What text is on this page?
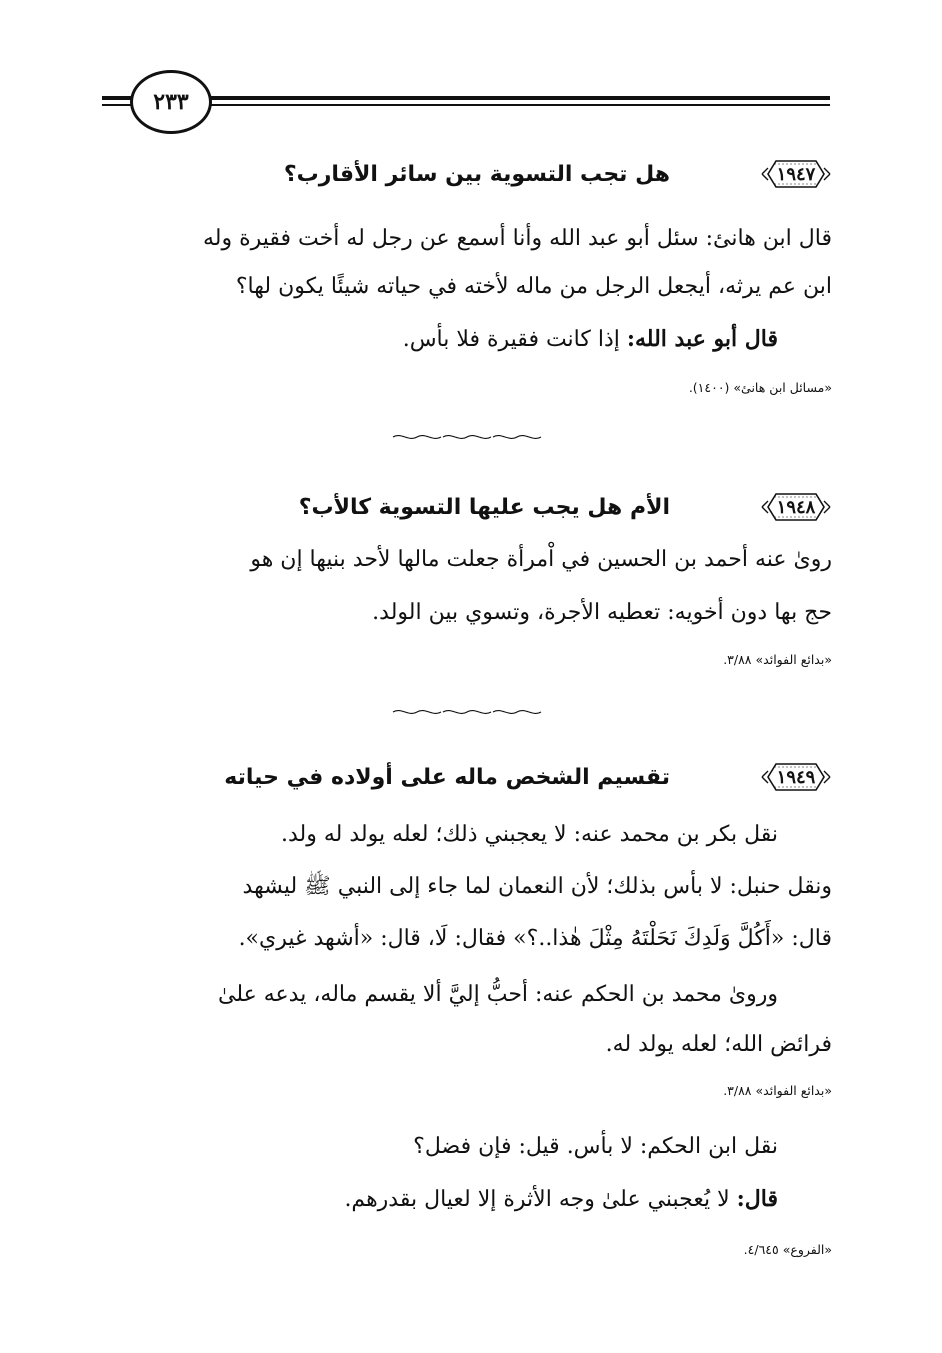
٢٣٣
١٩٤٧
هل تجب التسوية بين سائر الأقارب؟
قال ابن هانئ: سئل أبو عبد الله وأنا أسمع عن رجل له أخت فقيرة وله
ابن عم يرثه، أيجعل الرجل من ماله لأخته في حياته شيئًا يكون لها؟
قال أبو عبد الله: إذا كانت فقيرة فلا بأس.
«مسائل ابن هانئ» (١٤٠٠).
١٩٤٨
الأم هل يجب عليها التسوية كالأب؟
روىٰ عنه أحمد بن الحسين في اْمرأة جعلت مالها لأحد بنيها إن هو
حج بها دون أخويه: تعطيه الأجرة، وتسوي بين الولد.
«بدائع الفوائد» ٣/٨٨.
١٩٤٩
تقسيم الشخص ماله على أولاده في حياته
نقل بكر بن محمد عنه: لا يعجبني ذلك؛ لعله يولد له ولد.
ونقل حنبل: لا بأس بذلك؛ لأن النعمان لما جاء إلى النبي ﷺ ليشهد
قال: «أَكُلَّ وَلَدِكَ نَحَلْتَهُ مِثْلَ هٰذا..؟» فقال: لَا، قال: «أشهد غيري».
وروىٰ محمد بن الحكم عنه: أحبُّ إليَّ ألا يقسم ماله، يدعه علىٰ
فرائض الله؛ لعله يولد له.
«بدائع الفوائد» ٣/٨٨.
نقل ابن الحكم: لا بأس. قيل: فإن فضل؟
قال: لا يُعجبني علىٰ وجه الأثرة إلا لعيال بقدرهم.
«الفروع» ٤/٦٤٥.
